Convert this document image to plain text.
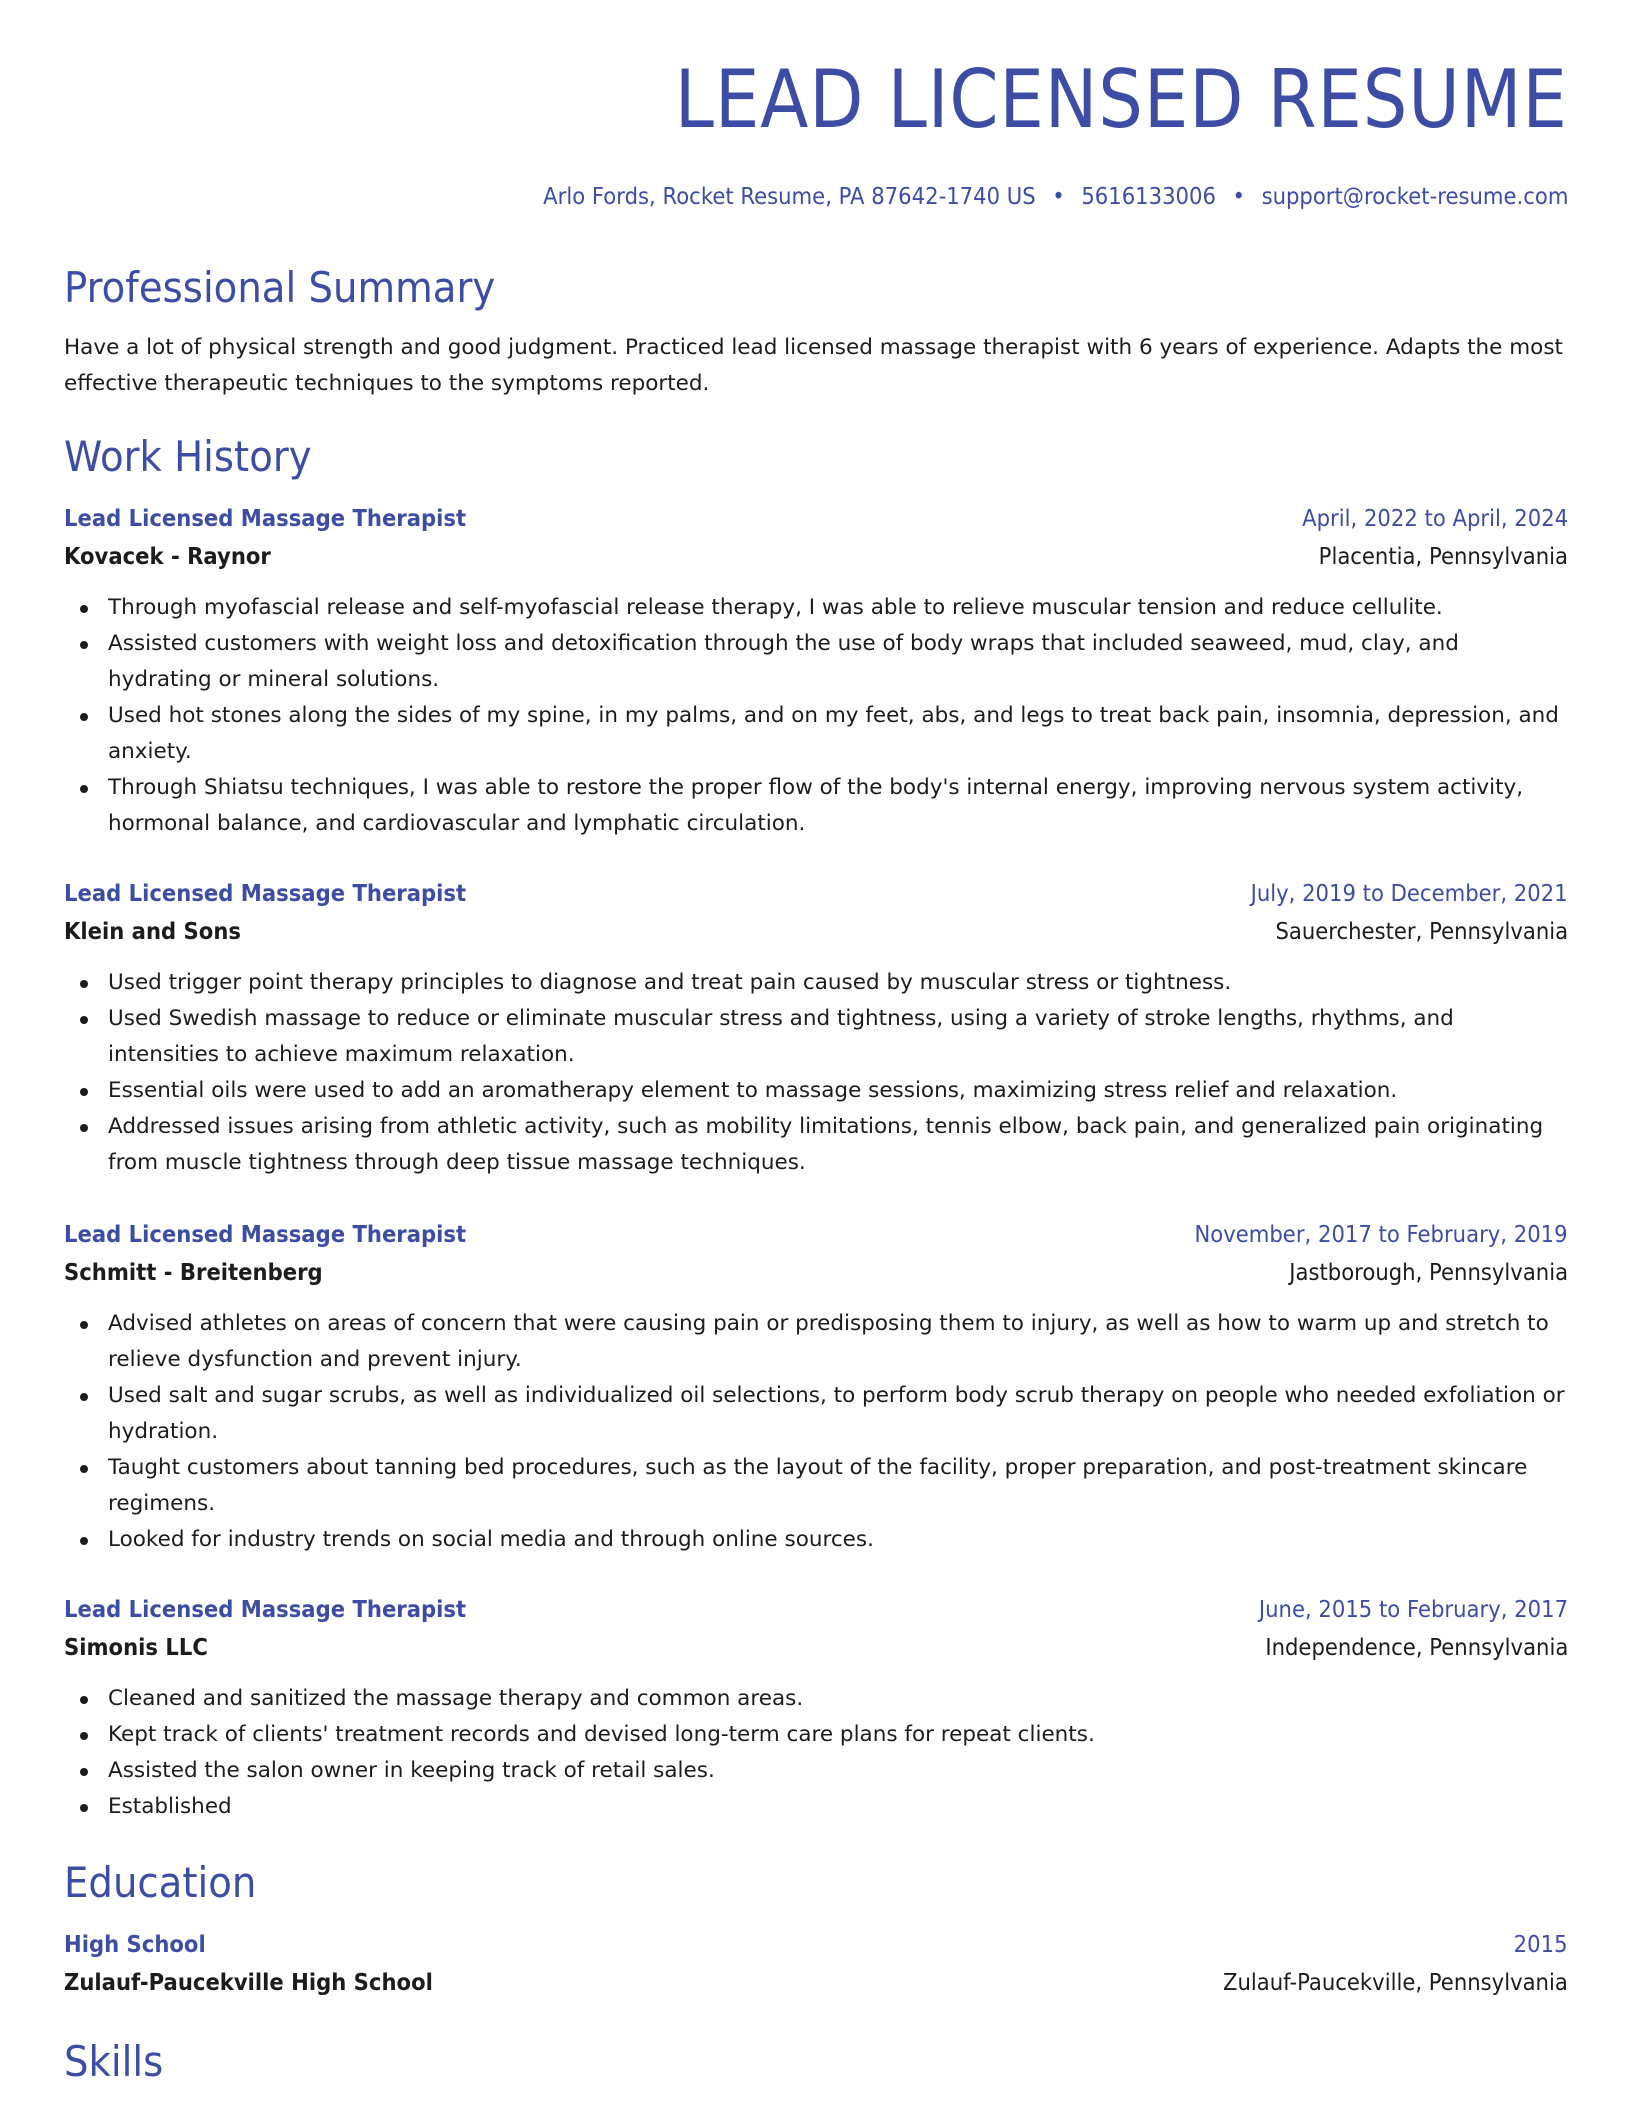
LEAD LICENSED RESUME
Arlo Fords, Rocket Resume, PA 87642-1740 US • 5616133006 • support@rocket-resume.com
Professional Summary
Have a lot of physical strength and good judgment. Practiced lead licensed massage therapist with 6 years of experience. Adapts the most effective therapeutic techniques to the symptoms reported.
Work History
Lead Licensed Massage Therapist	April, 2022 to April, 2024
Kovacek - Raynor	Placentia, Pennsylvania
Through myofascial release and self-myofascial release therapy, I was able to relieve muscular tension and reduce cellulite.
Assisted customers with weight loss and detoxification through the use of body wraps that included seaweed, mud, clay, and hydrating or mineral solutions.
Used hot stones along the sides of my spine, in my palms, and on my feet, abs, and legs to treat back pain, insomnia, depression, and anxiety.
Through Shiatsu techniques, I was able to restore the proper flow of the body's internal energy, improving nervous system activity, hormonal balance, and cardiovascular and lymphatic circulation.
Lead Licensed Massage Therapist	July, 2019 to December, 2021
Klein and Sons	Sauerchester, Pennsylvania
Used trigger point therapy principles to diagnose and treat pain caused by muscular stress or tightness.
Used Swedish massage to reduce or eliminate muscular stress and tightness, using a variety of stroke lengths, rhythms, and intensities to achieve maximum relaxation.
Essential oils were used to add an aromatherapy element to massage sessions, maximizing stress relief and relaxation.
Addressed issues arising from athletic activity, such as mobility limitations, tennis elbow, back pain, and generalized pain originating from muscle tightness through deep tissue massage techniques.
Lead Licensed Massage Therapist	November, 2017 to February, 2019
Schmitt - Breitenberg	Jastborough, Pennsylvania
Advised athletes on areas of concern that were causing pain or predisposing them to injury, as well as how to warm up and stretch to relieve dysfunction and prevent injury.
Used salt and sugar scrubs, as well as individualized oil selections, to perform body scrub therapy on people who needed exfoliation or hydration.
Taught customers about tanning bed procedures, such as the layout of the facility, proper preparation, and post-treatment skincare regimens.
Looked for industry trends on social media and through online sources.
Lead Licensed Massage Therapist	June, 2015 to February, 2017
Simonis LLC	Independence, Pennsylvania
Cleaned and sanitized the massage therapy and common areas.
Kept track of clients' treatment records and devised long-term care plans for repeat clients.
Assisted the salon owner in keeping track of retail sales.
Established
Education
High School	2015
Zulauf-Paucekville High School	Zulauf-Paucekville, Pennsylvania
Skills
